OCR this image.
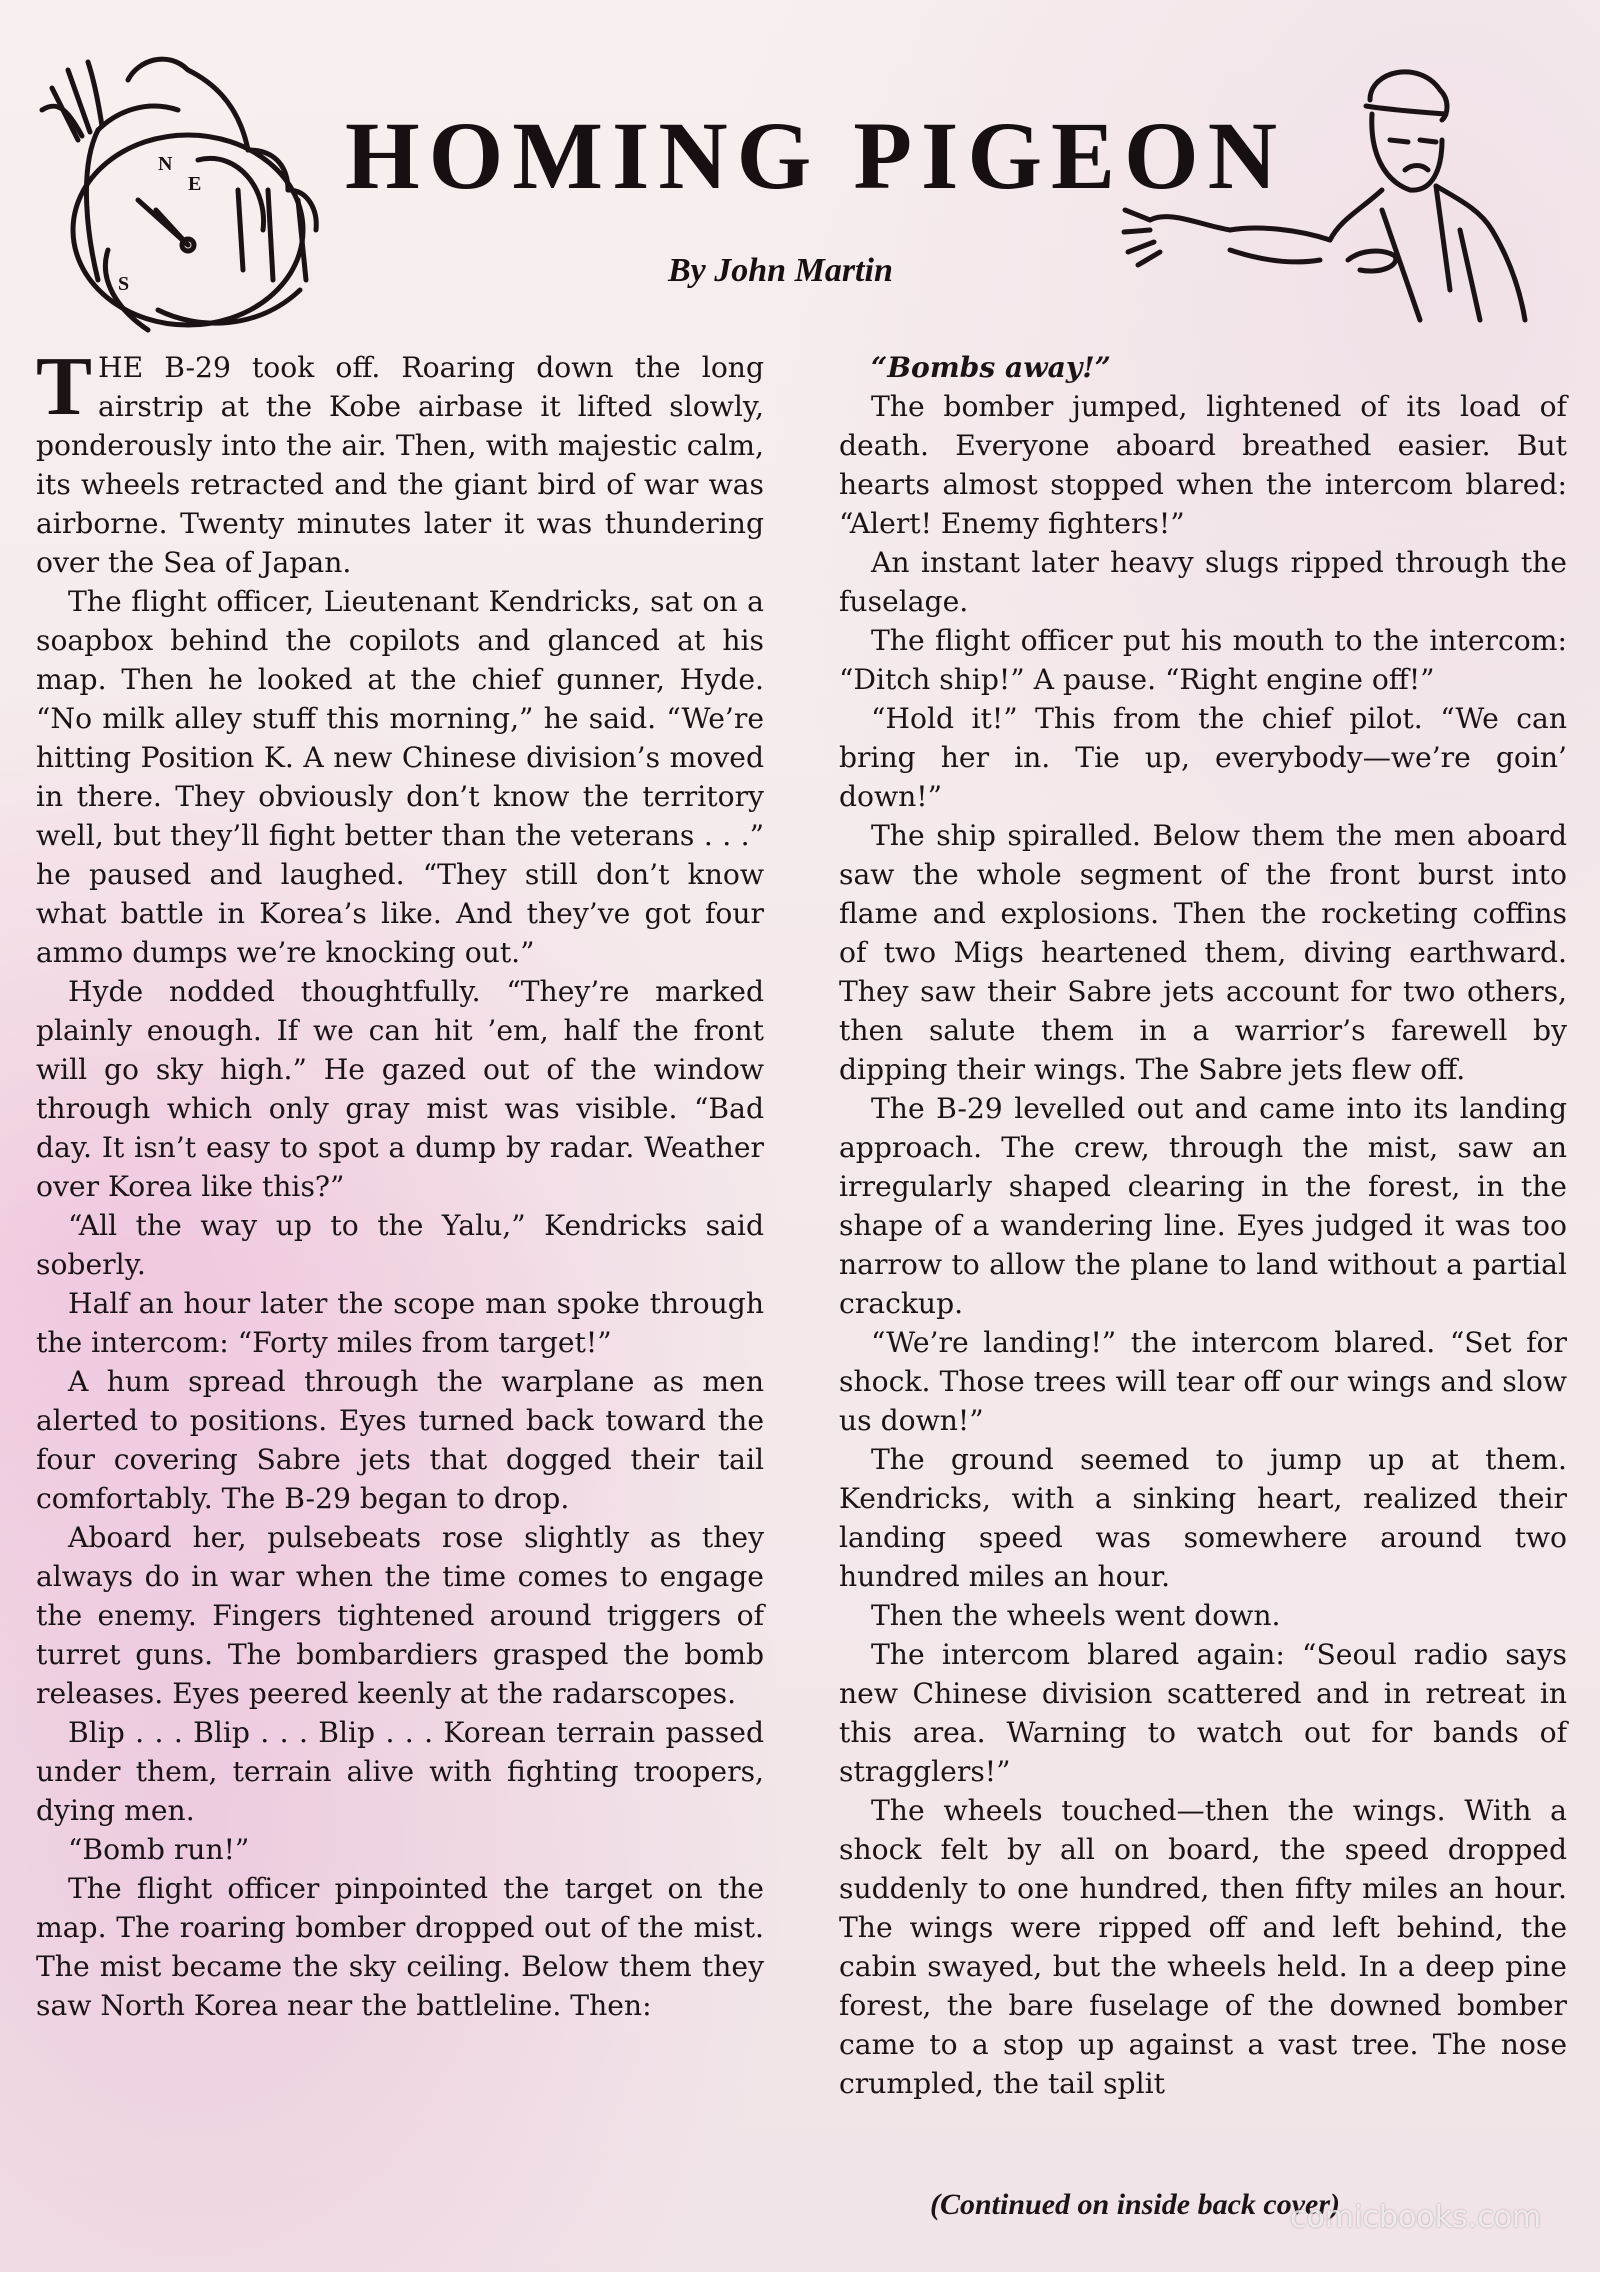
N
E
S
HOMING PIGEON
By John Martin

THE B-29 took off. Roaring down the long airstrip at the Kobe airbase it lifted slowly, ponderously into the air. Then, with majestic calm, its wheels retracted and the giant bird of war was airborne. Twenty minutes later it was thundering over the Sea of Japan.

The flight officer, Lieutenant Kendricks, sat on a soapbox behind the copilots and glanced at his map. Then he looked at the chief gunner, Hyde. “No milk alley stuff this morning,” he said. “We’re hitting Position K. A new Chinese division’s moved in there. They obviously don’t know the territory well, but they’ll fight better than the veterans . . .” he paused and laughed. “They still don’t know what battle in Korea’s like. And they’ve got four ammo dumps we’re knocking out.”

Hyde nodded thoughtfully. “They’re marked plainly enough. If we can hit ’em, half the front will go sky high.” He gazed out of the window through which only gray mist was visible. “Bad day. It isn’t easy to spot a dump by radar. Weather over Korea like this?”

“All the way up to the Yalu,” Kendricks said soberly.

Half an hour later the scope man spoke through the intercom: “Forty miles from target!”

A hum spread through the warplane as men alerted to positions. Eyes turned back toward the four covering Sabre jets that dogged their tail comfortably. The B-29 began to drop.

Aboard her, pulsebeats rose slightly as they always do in war when the time comes to engage the enemy. Fingers tightened around triggers of turret guns. The bombardiers grasped the bomb releases. Eyes peered keenly at the radarscopes.

Blip . . . Blip . . . Blip . . . Korean terrain passed under them, terrain alive with fighting troopers, dying men.

“Bomb run!”

The flight officer pinpointed the target on the map. The roaring bomber dropped out of the mist. The mist became the sky ceiling. Below them they saw North Korea near the battleline. Then:

“Bombs away!”

The bomber jumped, lightened of its load of death. Everyone aboard breathed easier. But hearts almost stopped when the intercom blared: “Alert! Enemy fighters!”

An instant later heavy slugs ripped through the fuselage.

The flight officer put his mouth to the intercom: “Ditch ship!” A pause. “Right engine off!”

“Hold it!” This from the chief pilot. “We can bring her in. Tie up, everybody—we’re goin’ down!”

The ship spiralled. Below them the men aboard saw the whole segment of the front burst into flame and explosions. Then the rocketing coffins of two Migs heartened them, diving earthward. They saw their Sabre jets account for two others, then salute them in a warrior’s farewell by dipping their wings. The Sabre jets flew off.

The B-29 levelled out and came into its landing approach. The crew, through the mist, saw an irregularly shaped clearing in the forest, in the shape of a wandering line. Eyes judged it was too narrow to allow the plane to land without a partial crackup.

“We’re landing!” the intercom blared. “Set for shock. Those trees will tear off our wings and slow us down!”

The ground seemed to jump up at them. Kendricks, with a sinking heart, realized their landing speed was somewhere around two hundred miles an hour.

Then the wheels went down.

The intercom blared again: “Seoul radio says new Chinese division scattered and in retreat in this area. Warning to watch out for bands of stragglers!”

The wheels touched—then the wings. With a shock felt by all on board, the speed dropped suddenly to one hundred, then fifty miles an hour. The wings were ripped off and left behind, the cabin swayed, but the wheels held. In a deep pine forest, the bare fuselage of the downed bomber came to a stop up against a vast tree. The nose crumpled, the tail split

(Continued on inside back cover)
comicbooks.com
